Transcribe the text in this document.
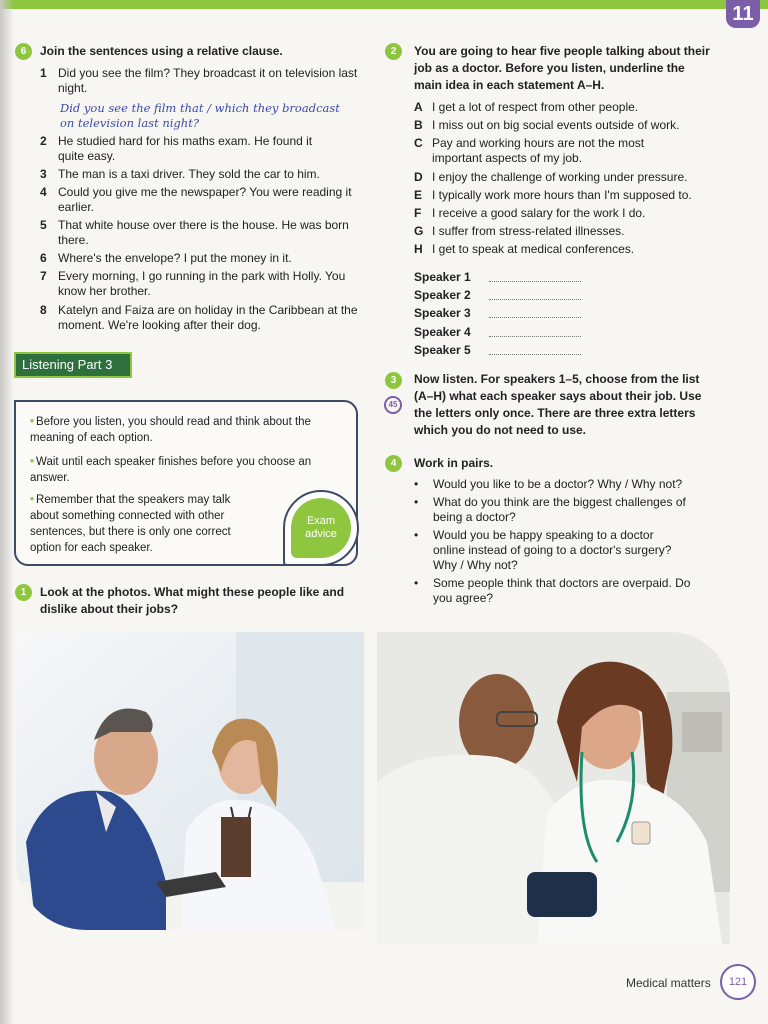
11
6	Join the sentences using a relative clause.
1 Did you see the film? They broadcast it on television last night.
Did you see the film that / which they broadcast on television last night?
2 He studied hard for his maths exam. He found it quite easy.
3 The man is a taxi driver. They sold the car to him.
4 Could you give me the newspaper? You were reading it earlier.
5 That white house over there is the house. He was born there.
6 Where's the envelope? I put the money in it.
7 Every morning, I go running in the park with Holly. You know her brother.
8 Katelyn and Faiza are on holiday in the Caribbean at the moment. We're looking after their dog.
Listening Part 3
• Before you listen, you should read and think about the meaning of each option.
• Wait until each speaker finishes before you choose an answer.
• Remember that the speakers may talk about something connected with other sentences, but there is only one correct option for each speaker.
Exam advice
1	Look at the photos. What might these people like and dislike about their jobs?
2	You are going to hear five people talking about their job as a doctor. Before you listen, underline the main idea in each statement A–H.
A I get a lot of respect from other people.
B I miss out on big social events outside of work.
C Pay and working hours are not the most important aspects of my job.
D I enjoy the challenge of working under pressure.
E I typically work more hours than I'm supposed to.
F I receive a good salary for the work I do.
G I suffer from stress-related illnesses.
H I get to speak at medical conferences.
Speaker 1
Speaker 2
Speaker 3
Speaker 4
Speaker 5
3
45
Now listen. For speakers 1–5, choose from the list (A–H) what each speaker says about their job. Use the letters only once. There are three extra letters which you do not need to use.
4	Work in pairs.
• Would you like to be a doctor? Why / Why not?
• What do you think are the biggest challenges of being a doctor?
• Would you be happy speaking to a doctor online instead of going to a doctor's surgery? Why / Why not?
• Some people think that doctors are overpaid. Do you agree?
Medical matters	121
